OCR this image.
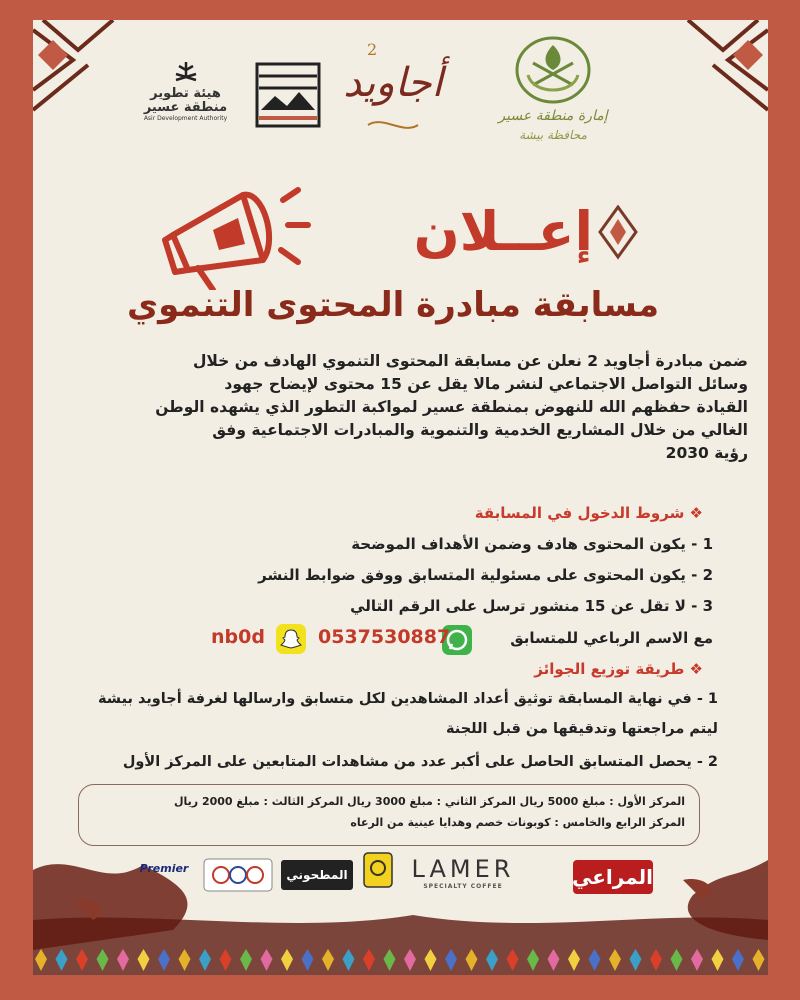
إمارة منطقة عسير
محافظة بيشة
أجاويد
2
هيئة تطوير
منطقة عسير
Asir Development Authority
إعــلان
مسابقة مبادرة المحتوى التنموي
ضمن مبادرة أجاويد 2 نعلن عن مسابقة المحتوى التنموي الهادف من خلال
وسائل التواصل الاجتماعي لنشر مالا يقل عن 15 محتوى لإيضاح جهود
القيادة حفظهم الله للنهوض بمنطقة عسير لمواكبة التطور الذي يشهده الوطن
الغالي من خلال المشاريع الخدمية والتنموية والمبادرات الاجتماعية وفق
رؤية 2030
❖ شروط الدخول في المسابقة
1 - يكون المحتوى هادف وضمن الأهداف الموضحة
2 - يكون المحتوى على مسئولية المتسابق ووفق ضوابط النشر
3 - لا تقل عن 15 منشور ترسل على الرقم التالي
مع الاسم الرباعي للمتسابق
0537530887
nb0d
❖ طريقة توزيع الجوائز
1 - في نهاية المسابقة توثيق أعداد المشاهدين لكل متسابق وارسالها لغرفة أجاويد بيشة
ليتم مراجعتها وتدقيقها من قبل اللجنة
2 - يحصل المتسابق الحاصل على أكبر عدد من مشاهدات المتابعين على المركز الأول
المركز الأول : مبلغ 5000 ريال المركز الثاني : مبلغ 3000 ريال المركز الثالث : مبلغ 2000 ريال
المركز الرابع والخامس : كوبونات خصم وهدايا عينية من الرعاه
المراعي
LAMER
SPECIALTY COFFEE
المطحوني
Premier
